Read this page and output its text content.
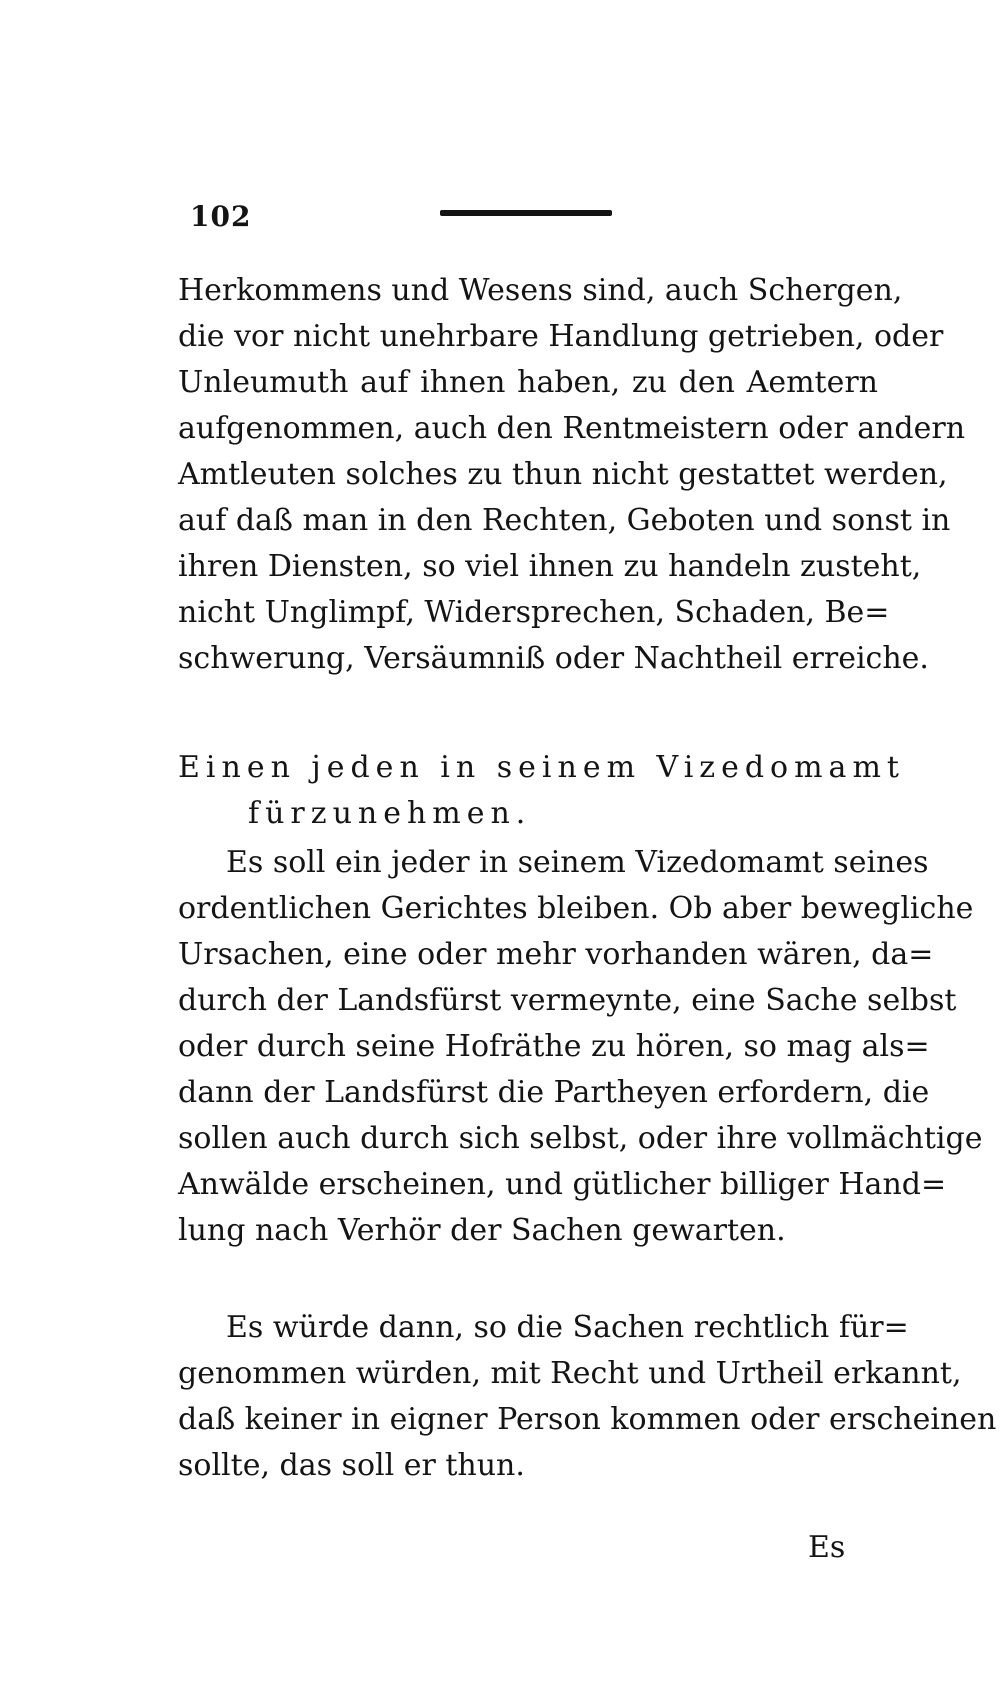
102

Herkommens und Wesens sind, auch Schergen,
die vor nicht unehrbare Handlung getrieben, oder
Unleumuth auf ihnen haben, zu den Aemtern
aufgenommen, auch den Rentmeistern oder andern
Amtleuten solches zu thun nicht gestattet werden,
auf daß man in den Rechten, Geboten und sonst in
ihren Diensten, so viel ihnen zu handeln zusteht,
nicht Unglimpf, Widersprechen, Schaden, Be=
schwerung, Versäumniß oder Nachtheil erreiche.

Einen jeden in seinem Vizedomamt
fürzunehmen.

Es soll ein jeder in seinem Vizedomamt seines
ordentlichen Gerichtes bleiben. Ob aber bewegliche
Ursachen, eine oder mehr vorhanden wären, da=
durch der Landsfürst vermeynte, eine Sache selbst
oder durch seine Hofräthe zu hören, so mag als=
dann der Landsfürst die Partheyen erfordern, die
sollen auch durch sich selbst, oder ihre vollmächtige
Anwälde erscheinen, und gütlicher billiger Hand=
lung nach Verhör der Sachen gewarten.

Es würde dann, so die Sachen rechtlich für=
genommen würden, mit Recht und Urtheil erkannt,
daß keiner in eigner Person kommen oder erscheinen
sollte, das soll er thun.

Es
